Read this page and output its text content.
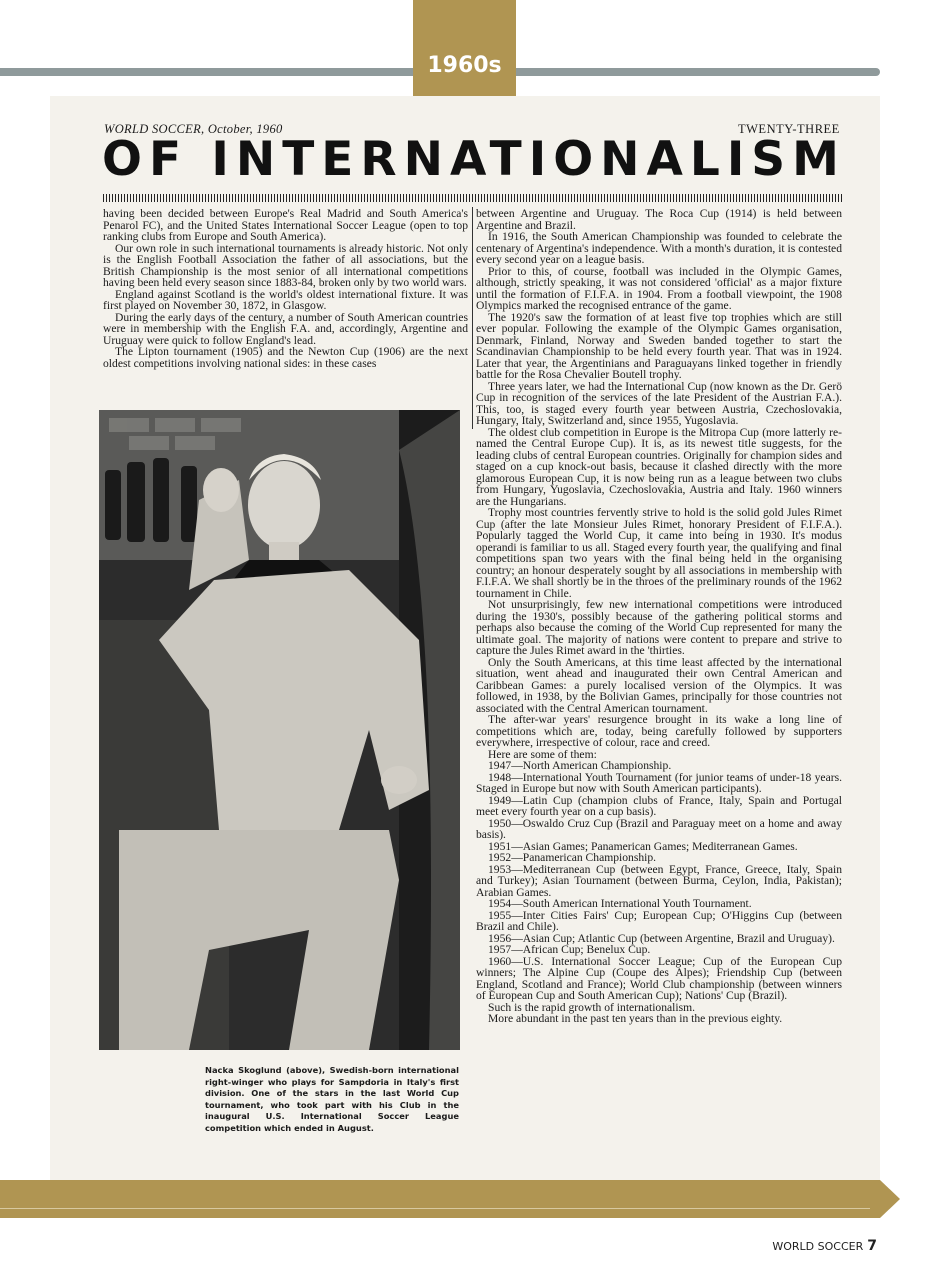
1960s
WORLD SOCCER, October, 1960	TWENTY-THREE
OF INTERNATIONALISM

having been decided between Europe's Real Madrid and South America's Penarol FC), and the United States International Soccer League (open to top ranking clubs from Europe and South America).

Our own role in such international tournaments is already historic. Not only is the English Football Association the father of all associations, but the British Championship is the most senior of all international competitions having been held every season since 1883-84, broken only by two world wars.

England against Scotland is the world's oldest international fixture. It was first played on November 30, 1872, in Glasgow.

During the early days of the century, a number of South American countries were in membership with the English F.A. and, accordingly, Argentine and Uruguay were quick to follow England's lead.

The Lipton tournament (1905) and the Newton Cup (1906) are the next oldest competitions involving national sides: in these cases

Nacka Skoglund (above), Swedish-born international right-winger who plays for Sampdoria in Italy's first division. One of the stars in the last World Cup tournament, who took part with his Club in the inaugural U.S. International Soccer League competition which ended in August.

between Argentine and Uruguay. The Roca Cup (1914) is held between Argentine and Brazil.

In 1916, the South American Championship was founded to celebrate the centenary of Argentina's independence. With a month's duration, it is contested every second year on a league basis.

Prior to this, of course, football was included in the Olympic Games, although, strictly speaking, it was not considered 'official' as a major fixture until the formation of F.I.F.A. in 1904. From a football viewpoint, the 1908 Olympics marked the recognised entrance of the game.

The 1920's saw the formation of at least five top trophies which are still ever popular. Following the example of the Olympic Games organisation, Denmark, Finland, Norway and Sweden banded together to start the Scandinavian Championship to be held every fourth year. That was in 1924. Later that year, the Argentinians and Paraguayans linked together in friendly battle for the Rosa Chevalier Boutell trophy.

Three years later, we had the International Cup (now known as the Dr. Gerö Cup in recognition of the services of the late President of the Austrian F.A.). This, too, is staged every fourth year between Austria, Czechoslovakia, Hungary, Italy, Switzerland and, since 1955, Yugoslavia.

The oldest club competition in Europe is the Mitropa Cup (more latterly re-named the Central Europe Cup). It is, as its newest title suggests, for the leading clubs of central European countries. Originally for champion sides and staged on a cup knock-out basis, because it clashed directly with the more glamorous European Cup, it is now being run as a league between two clubs from Hungary, Yugoslavia, Czechoslovakia, Austria and Italy. 1960 winners are the Hungarians.

Trophy most countries fervently strive to hold is the solid gold Jules Rimet Cup (after the late Monsieur Jules Rimet, honorary President of F.I.F.A.). Popularly tagged the World Cup, it came into being in 1930. It's modus operandi is familiar to us all. Staged every fourth year, the qualifying and final competitions span two years with the final being held in the organising country; an honour desperately sought by all associations in membership with F.I.F.A. We shall shortly be in the throes of the preliminary rounds of the 1962 tournament in Chile.

Not unsurprisingly, few new international competitions were introduced during the 1930's, possibly because of the gathering political storms and perhaps also because the coming of the World Cup represented for many the ultimate goal. The majority of nations were content to prepare and strive to capture the Jules Rimet award in the 'thirties.

Only the South Americans, at this time least affected by the international situation, went ahead and inaugurated their own Central American and Caribbean Games: a purely localised version of the Olympics. It was followed, in 1938, by the Bolivian Games, principally for those countries not associated with the Central American tournament.

The after-war years' resurgence brought in its wake a long line of competitions which are, today, being carefully followed by supporters everywhere, irrespective of colour, race and creed.

Here are some of them:

1947—North American Championship.

1948—International Youth Tournament (for junior teams of under-18 years. Staged in Europe but now with South American participants).

1949—Latin Cup (champion clubs of France, Italy, Spain and Portugal meet every fourth year on a cup basis).

1950—Oswaldo Cruz Cup (Brazil and Paraguay meet on a home and away basis).

1951—Asian Games; Panamerican Games; Mediterranean Games.

1952—Panamerican Championship.

1953—Mediterranean Cup (between Egypt, France, Greece, Italy, Spain and Turkey); Asian Tournament (between Burma, Ceylon, India, Pakistan); Arabian Games.

1954—South American International Youth Tournament.

1955—Inter Cities Fairs' Cup; European Cup; O'Higgins Cup (between Brazil and Chile).

1956—Asian Cup; Atlantic Cup (between Argentine, Brazil and Uruguay).

1957—African Cup; Benelux Cup.

1960—U.S. International Soccer League; Cup of the European Cup winners; The Alpine Cup (Coupe des Alpes); Friendship Cup (between England, Scotland and France); World Club championship (between winners of European Cup and South American Cup); Nations' Cup (Brazil).

Such is the rapid growth of internationalism.

More abundant in the past ten years than in the previous eighty.

WORLD SOCCER 7
